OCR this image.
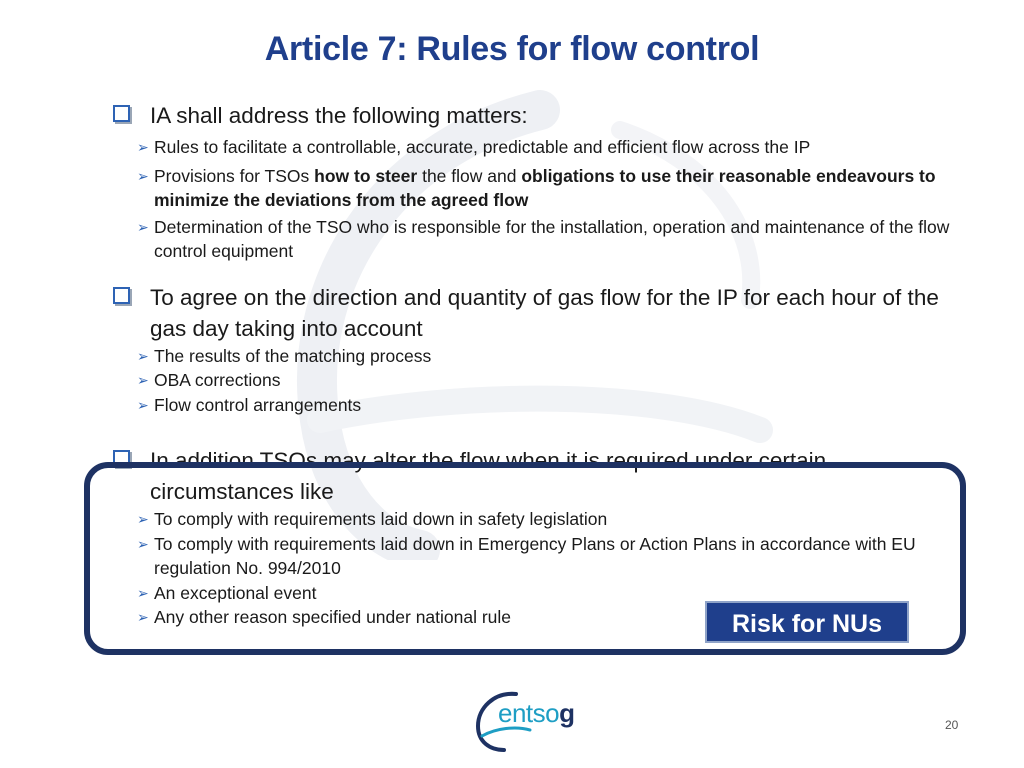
Article 7: Rules for flow control
IA shall address the following matters:
➢ Rules to facilitate a controllable, accurate, predictable and efficient flow across the IP
➢ Provisions for TSOs how to steer the flow and obligations to use their reasonable endeavours to minimize the deviations from the agreed flow
➢ Determination of the TSO who is responsible for the installation, operation and maintenance of the flow control equipment
To agree on the direction and quantity of gas flow for the IP for each hour of the gas day taking into account
➢ The results of the matching process
➢ OBA corrections
➢ Flow control arrangements
In addition TSOs may alter the flow when it is required under certain circumstances like
➢ To comply with requirements laid down in safety legislation
➢ To comply with requirements laid down in Emergency Plans or Action Plans in accordance with EU regulation No. 994/2010
➢ An exceptional event
➢ Any other reason specified under national rule	Risk for NUs
entsog	20
